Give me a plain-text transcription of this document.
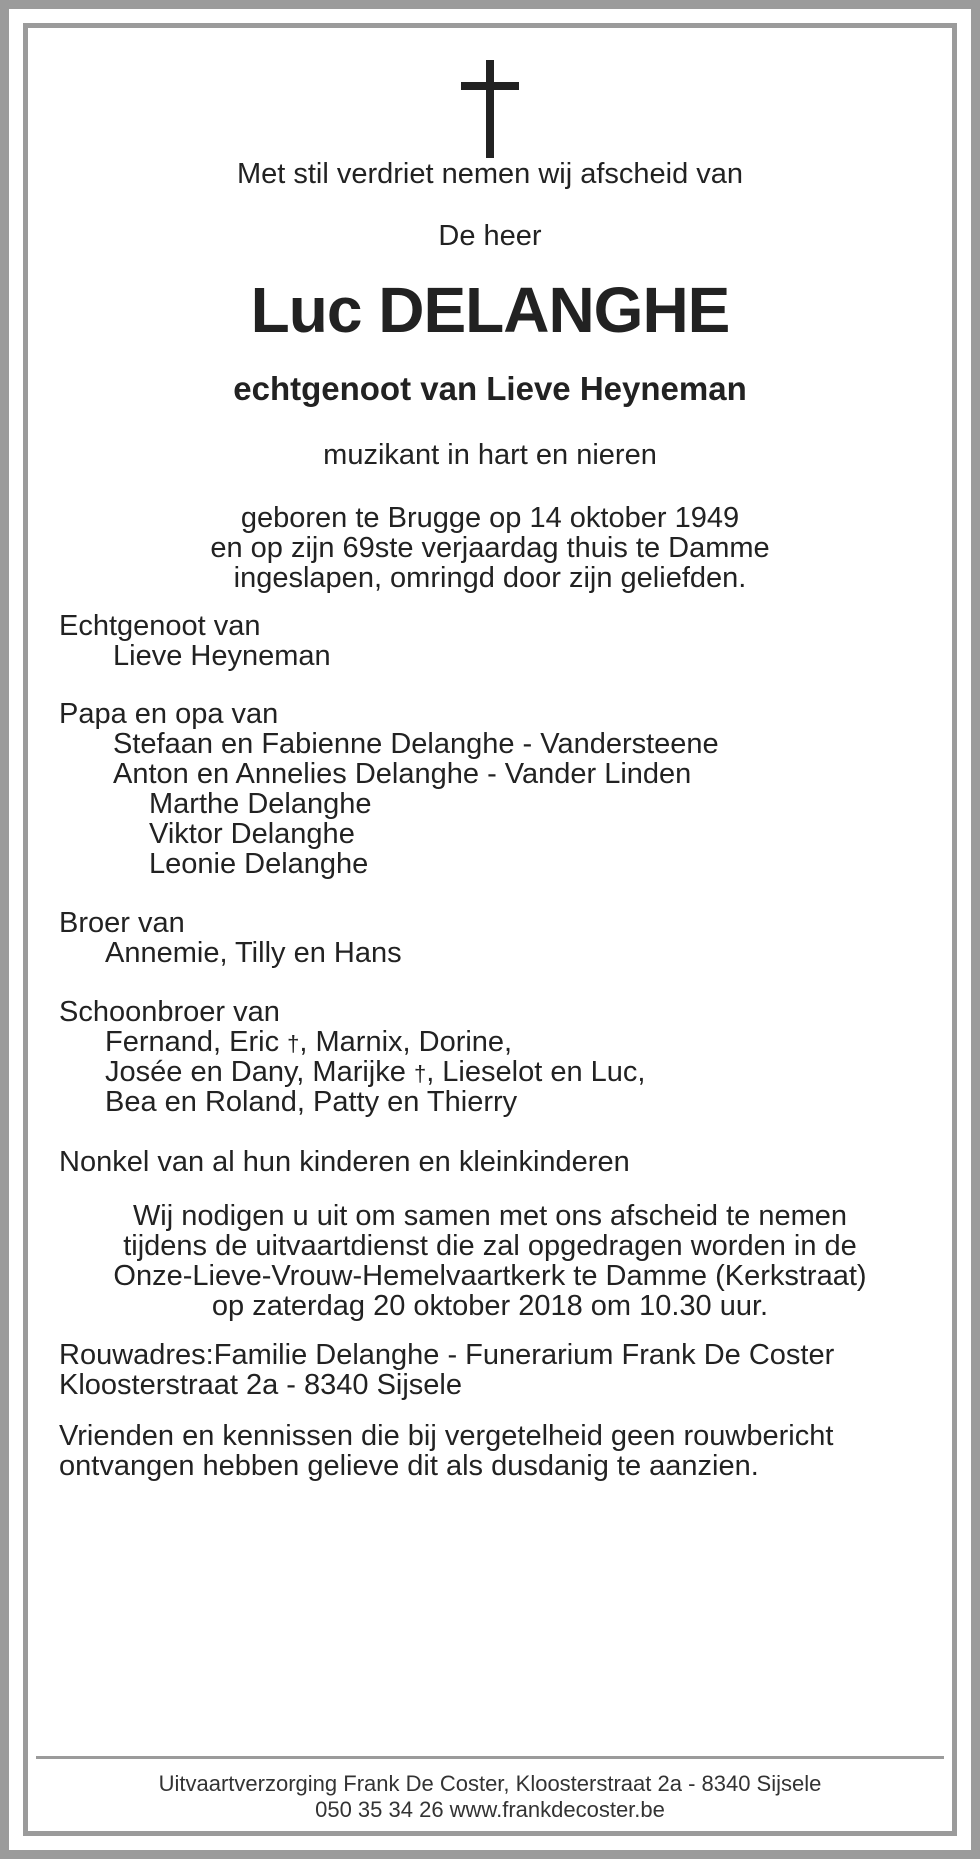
Met stil verdriet nemen wij afscheid van
De heer
Luc DELANGHE
echtgenoot van Lieve Heyneman
muzikant in hart en nieren
geboren te Brugge op 14 oktober 1949
en op zijn 69ste verjaardag thuis te Damme
ingeslapen, omringd door zijn geliefden.
Echtgenoot van
Lieve Heyneman
Papa en opa van
Stefaan en Fabienne Delanghe - Vandersteene
Anton en Annelies Delanghe - Vander Linden
Marthe Delanghe
Viktor Delanghe
Leonie Delanghe
Broer van
Annemie, Tilly en Hans
Schoonbroer van
Fernand, Eric †, Marnix, Dorine,
Josée en Dany, Marijke †, Lieselot en Luc,
Bea en Roland, Patty en Thierry
Nonkel van al hun kinderen en kleinkinderen
Wij nodigen u uit om samen met ons afscheid te nemen
tijdens de uitvaartdienst die zal opgedragen worden in de
Onze-Lieve-Vrouw-Hemelvaartkerk te Damme (Kerkstraat)
op zaterdag 20 oktober 2018 om 10.30 uur.
Rouwadres:Familie Delanghe - Funerarium Frank De Coster
Kloosterstraat 2a - 8340 Sijsele
Vrienden en kennissen die bij vergetelheid geen rouwbericht
ontvangen hebben gelieve dit als dusdanig te aanzien.
Uitvaartverzorging Frank De Coster, Kloosterstraat 2a - 8340 Sijsele
050 35 34 26 www.frankdecoster.be
